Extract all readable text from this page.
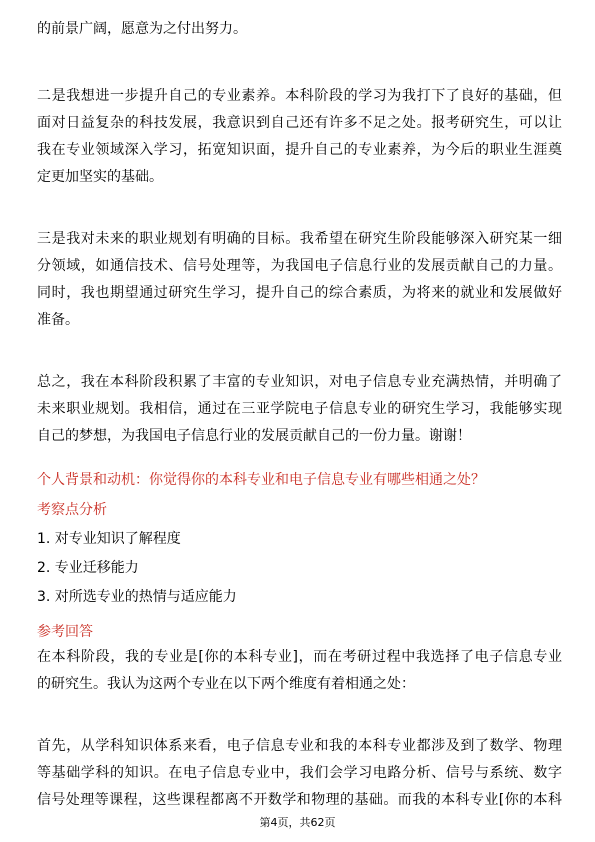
的前景广阔，愿意为之付出努力。
二是我想进一步提升自己的专业素养。本科阶段的学习为我打下了良好的基础，但
面对日益复杂的科技发展，我意识到自己还有许多不足之处。报考研究生，可以让
我在专业领域深入学习，拓宽知识面，提升自己的专业素养，为今后的职业生涯奠
定更加坚实的基础。
三是我对未来的职业规划有明确的目标。我希望在研究生阶段能够深入研究某一细
分领域，如通信技术、信号处理等，为我国电子信息行业的发展贡献自己的力量。
同时，我也期望通过研究生学习，提升自己的综合素质，为将来的就业和发展做好
准备。
总之，我在本科阶段积累了丰富的专业知识，对电子信息专业充满热情，并明确了
未来职业规划。我相信，通过在三亚学院电子信息专业的研究生学习，我能够实现
自己的梦想，为我国电子信息行业的发展贡献自己的一份力量。谢谢！
个人背景和动机：你觉得你的本科专业和电子信息专业有哪些相通之处？
考察点分析
1. 对专业知识了解程度
2. 专业迁移能力
3. 对所选专业的热情与适应能力
参考回答
在本科阶段，我的专业是[你的本科专业]，而在考研过程中我选择了电子信息专业
的研究生。我认为这两个专业在以下两个维度有着相通之处：
首先，从学科知识体系来看，电子信息专业和我的本科专业都涉及到了数学、物理
等基础学科的知识。在电子信息专业中，我们会学习电路分析、信号与系统、数字
信号处理等课程，这些课程都离不开数学和物理的基础。而我的本科专业[你的本科
第4页，共62页
